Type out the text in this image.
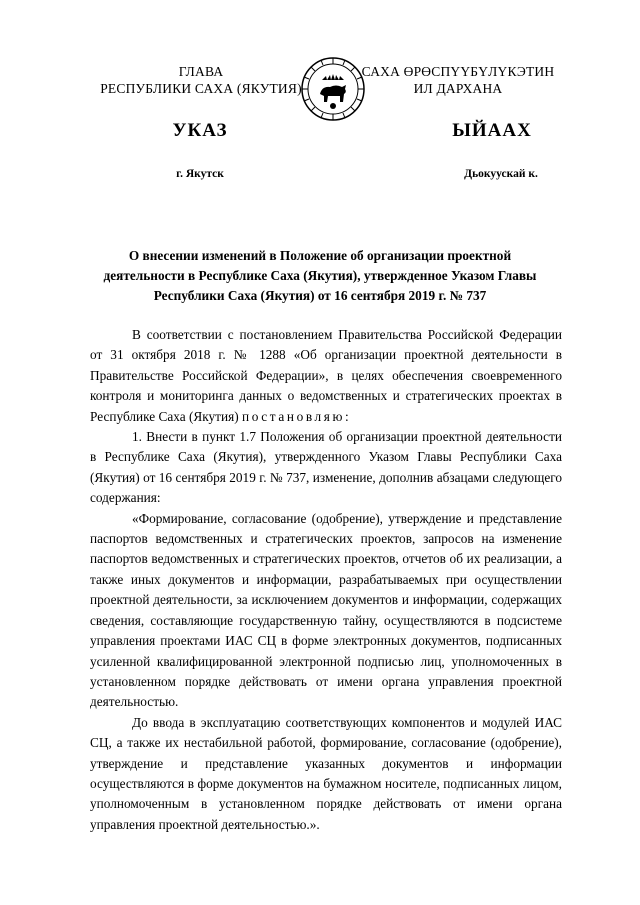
ГЛАВА
РЕСПУБЛИКИ САХА (ЯКУТИЯ)
САХА ӨРӨСПҮҮБҮЛҮКЭТИН
ИЛ ДАРХАНА
УКАЗ	ЫЙААХ
г. Якутск	Дьокуускай к.
О внесении изменений в Положение об организации проектной деятельности в Республике Саха (Якутия), утвержденное Указом Главы Республики Саха (Якутия) от 16 сентября 2019 г. № 737

В соответствии с постановлением Правительства Российской Федерации от 31 октября 2018 г. № 1288 «Об организации проектной деятельности в Правительстве Российской Федерации», в целях обеспечения своевременного контроля и мониторинга данных о ведомственных и стратегических проектах в Республике Саха (Якутия) постановляю:

1. Внести в пункт 1.7 Положения об организации проектной деятельности в Республике Саха (Якутия), утвержденного Указом Главы Республики Саха (Якутия) от 16 сентября 2019 г. № 737, изменение, дополнив абзацами следующего содержания:

«Формирование, согласование (одобрение), утверждение и представление паспортов ведомственных и стратегических проектов, запросов на изменение паспортов ведомственных и стратегических проектов, отчетов об их реализации, а также иных документов и информации, разрабатываемых при осуществлении проектной деятельности, за исключением документов и информации, содержащих сведения, составляющие государственную тайну, осуществляются в подсистеме управления проектами ИАС СЦ в форме электронных документов, подписанных усиленной квалифицированной электронной подписью лиц, уполномоченных в установленном порядке действовать от имени органа управления проектной деятельностью.

До ввода в эксплуатацию соответствующих компонентов и модулей ИАС СЦ, а также их нестабильной работой, формирование, согласование (одобрение), утверждение и представление указанных документов и информации осуществляются в форме документов на бумажном носителе, подписанных лицом, уполномоченным в установленном порядке действовать от имени органа управления проектной деятельностью.».
